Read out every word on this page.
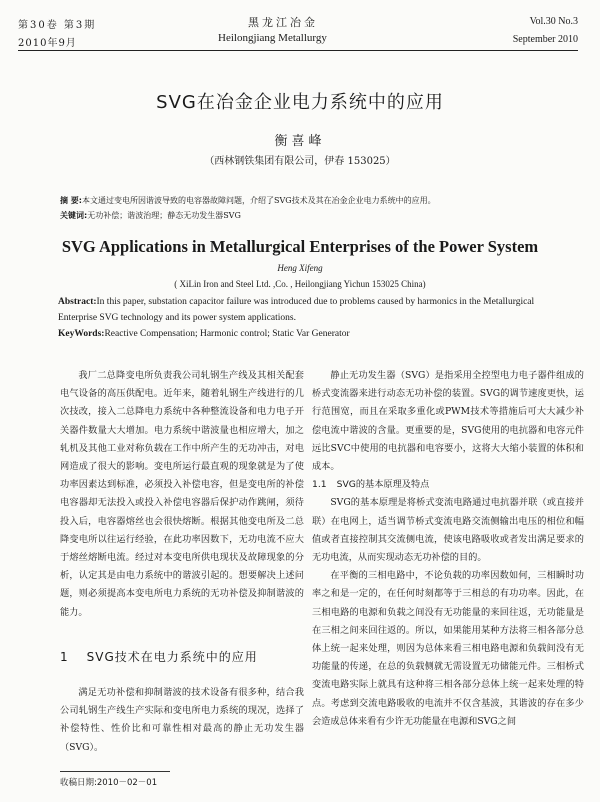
第30卷 第3期
2010年9月
黑龙江冶金
Heilongjiang Metallurgy
Vol.30 No.3
September 2010
SVG在冶金企业电力系统中的应用
衡喜峰
（西林钢铁集团有限公司，伊春 153025）
摘 要:本文通过变电所因谐波导致的电容器故障问题，介绍了SVG技术及其在冶金企业电力系统中的应用。
关键词:无功补偿；谐波治理；静态无功发生器SVG
SVG Applications in Metallurgical Enterprises of the Power System
Heng Xifeng
( XiLin Iron and Steel Ltd. ,Co. , Heilongjiang Yichun 153025 China)
Abstract:In this paper, substation capacitor failure was introduced due to problems caused by harmonics in the Metallurgical Enterprise SVG technology and its power system applications.
KeyWords:Reactive Compensation; Harmonic control; Static Var Generator

我厂二总降变电所负责我公司轧钢生产线及其相关配套电气设备的高压供配电。近年来，随着轧钢生产线进行的几次技改，接入二总降电力系统中各种整流设备和电力电子开关器件数量大大增加。电力系统中谐波量也相应增大，加之轧机及其他工业对称负载在工作中所产生的无功冲击，对电网造成了很大的影响。变电所运行最直观的现象就是为了使功率因素达到标准，必须投入补偿电容，但是变电所的补偿电容器却无法投入或投入补偿电容器后保护动作跳闸，须待投入后，电容器熔丝也会很快熔断。根据其他变电所及二总降变电所以往运行经验，在此功率因数下，无功电流不应大于熔丝熔断电流。经过对本变电所供电现状及故障现象的分析，认定其是由电力系统中的谐波引起的。想要解决上述问题，则必须提高本变电所电力系统的无功补偿及抑制谐波的能力。

1 SVG技术在电力系统中的应用

满足无功补偿和抑制谐波的技术设备有很多种，结合我公司轧钢生产线生产实际和变电所电力系统的现况，选择了补偿特性、性价比和可靠性相对最高的静止无功发生器（SVG）。

静止无功发生器（SVG）是指采用全控型电力电子器件组成的桥式变流器来进行动态无功补偿的装置。SVG的调节速度更快，运行范围宽，而且在采取多重化或PWM技术等措施后可大大减少补偿电流中谐波的含量。更重要的是，SVG使用的电抗器和电容元件远比SVC中使用的电抗器和电容要小，这将大大缩小装置的体积和成本。

1.1 SVG的基本原理及特点

SVG的基本原理是将桥式变流电路通过电抗器并联（或直接并联）在电网上，适当调节桥式变流电路交流侧输出电压的相位和幅值或者直接控制其交流侧电流，使该电路吸收或者发出满足要求的无功电流，从而实现动态无功补偿的目的。

在平衡的三相电路中，不论负载的功率因数如何，三相瞬时功率之和是一定的，在任何时刻都等于三相总的有功功率。因此，在三相电路的电源和负载之间没有无功能量的来回往返，无功能量是在三相之间来回往返的。所以，如果能用某种方法将三相各部分总体上统一起来处理，则因为总体来看三相电路电源和负载间没有无功能量的传递，在总的负载侧就无需设置无功储能元件。三相桥式变流电路实际上就具有这种将三相各部分总体上统一起来处理的特点。考虑到交流电路吸收的电流并不仅含基波，其谐波的存在多少会造成总体来看有少许无功能量在电源和SVG之间

收稿日期:2010－02－01
